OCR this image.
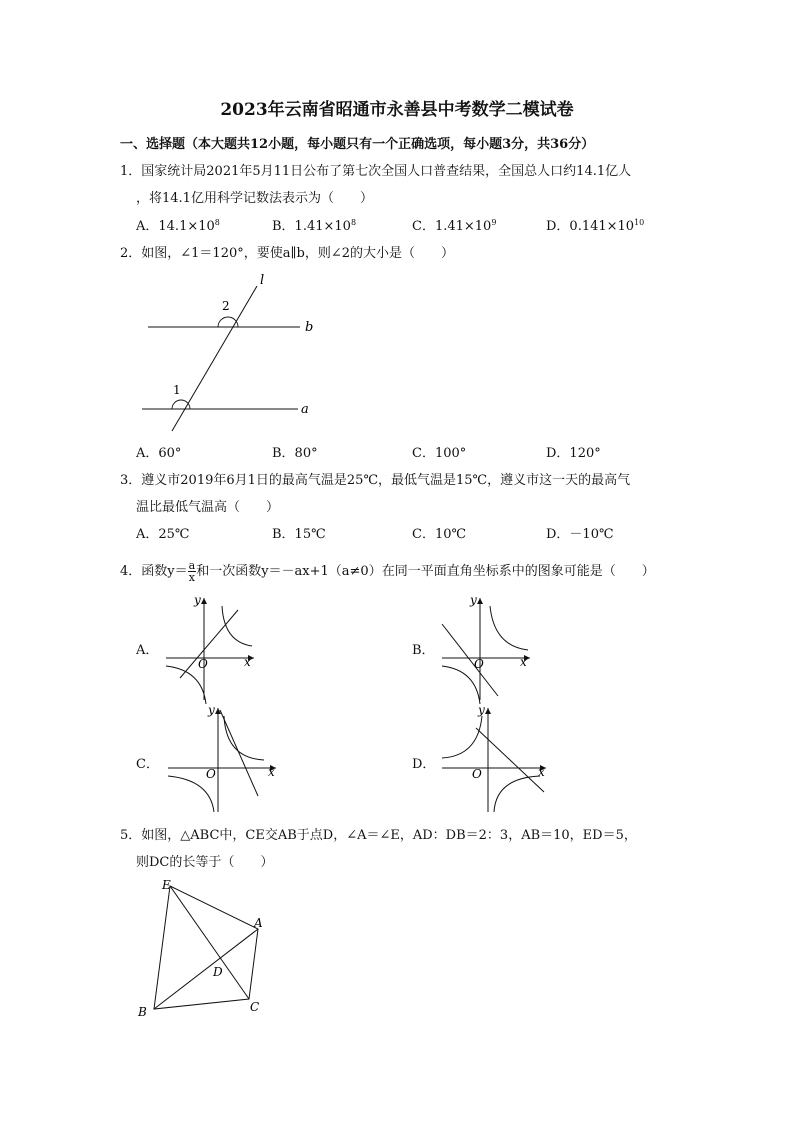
2023年云南省昭通市永善县中考数学二模试卷
一、选择题（本大题共12小题，每小题只有一个正确选项，每小题3分，共36分）
1．国家统计局2021年5月11日公布了第七次全国人口普查结果，全国总人口约14.1亿人
，将14.1亿用科学记数法表示为（　　）
A．$14.1\times 10^8$	B．$1.41\times 10^8$	C．$1.41\times 10^9$	D．$0.141\times 10^{10}$
2．如图，∠1＝120°，要使a∥b，则∠2的大小是（　　）
l
b
a
2
1
A．60°	B．80°	C．100°	D．120°
3．遵义市2019年6月1日的最高气温是25℃，最低气温是15℃，遵义市这一天的最高气
温比最低气温高（　　）
A．25℃	B．15℃	C．10℃	D．－10℃
4．函数$y= \frac{a}{x}$ 和一次函数y＝－ax+1（a≠0）在同一平面直角坐标系中的图象可能是（　　）
A．
x
y
O
B．
x
y
O
C．	x
y
O
D．	x
y
O
5．如图，△ABC中，CE交AB于点D，∠A＝∠E，AD：DB＝2：3，AB＝10，ED＝5，
则DC的长等于（　　）
E
A
D
B	C
